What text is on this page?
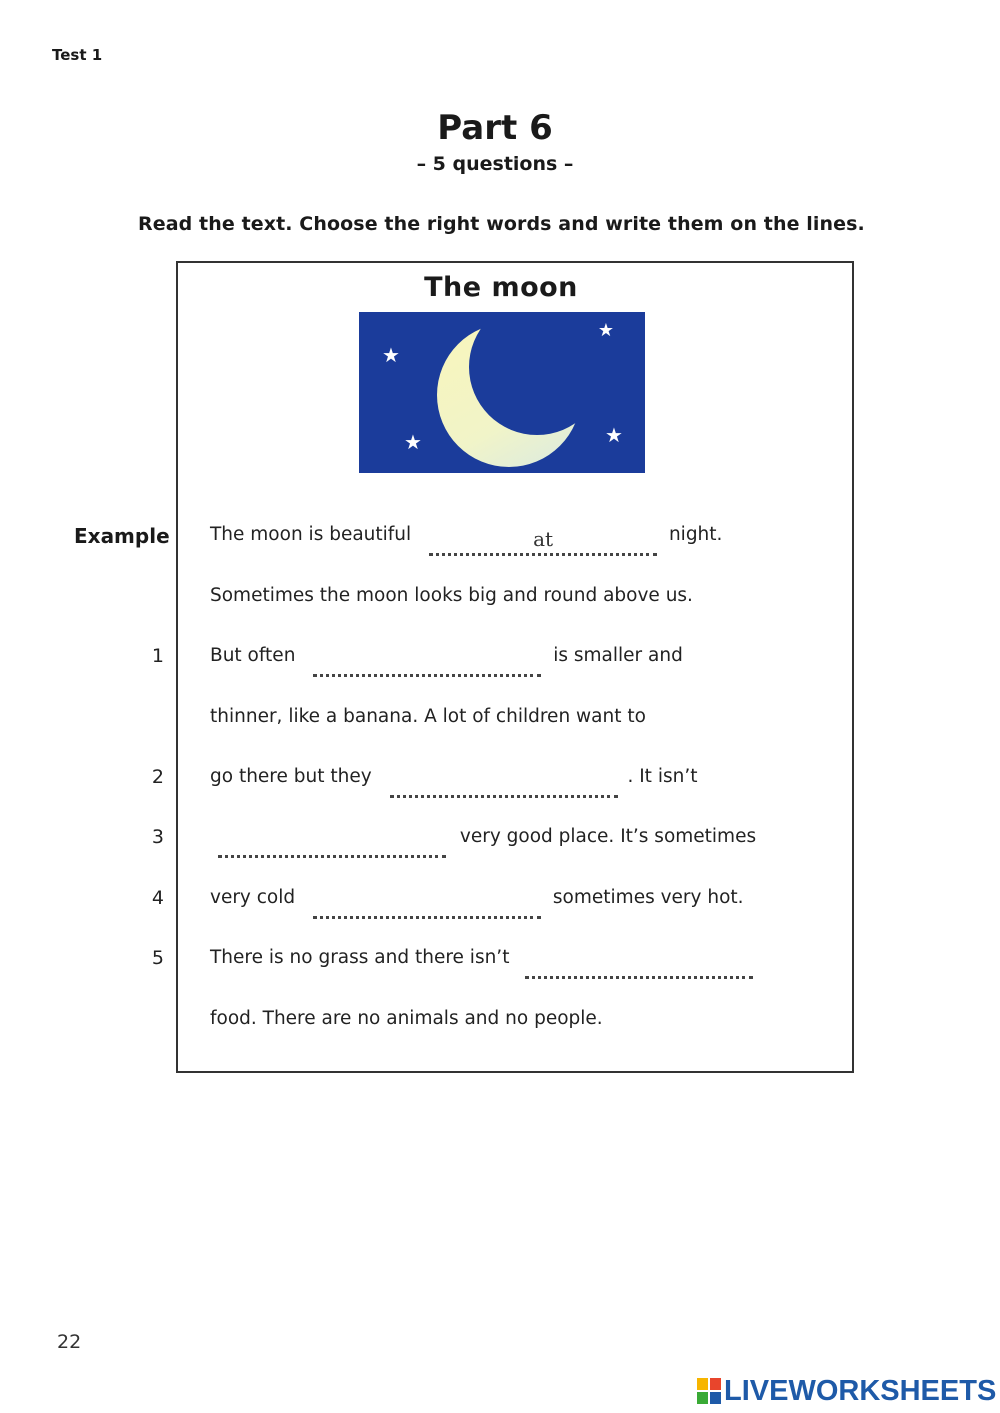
Test 1
Part 6
– 5 questions –
Read the text. Choose the right words and write them on the lines.
The moon
★
★
★	★
Example The moon is beautiful	at	night.
Sometimes the moon looks big and round above us.
1 But often	is smaller and
thinner, like a banana. A lot of children want to
2 go there but they	. It isn’t
3	very good place. It’s sometimes
4 very cold	sometimes very hot.
5 There is no grass and there isn’t
food. There are no animals and no people.
22
LIVEWORKSHEETS
